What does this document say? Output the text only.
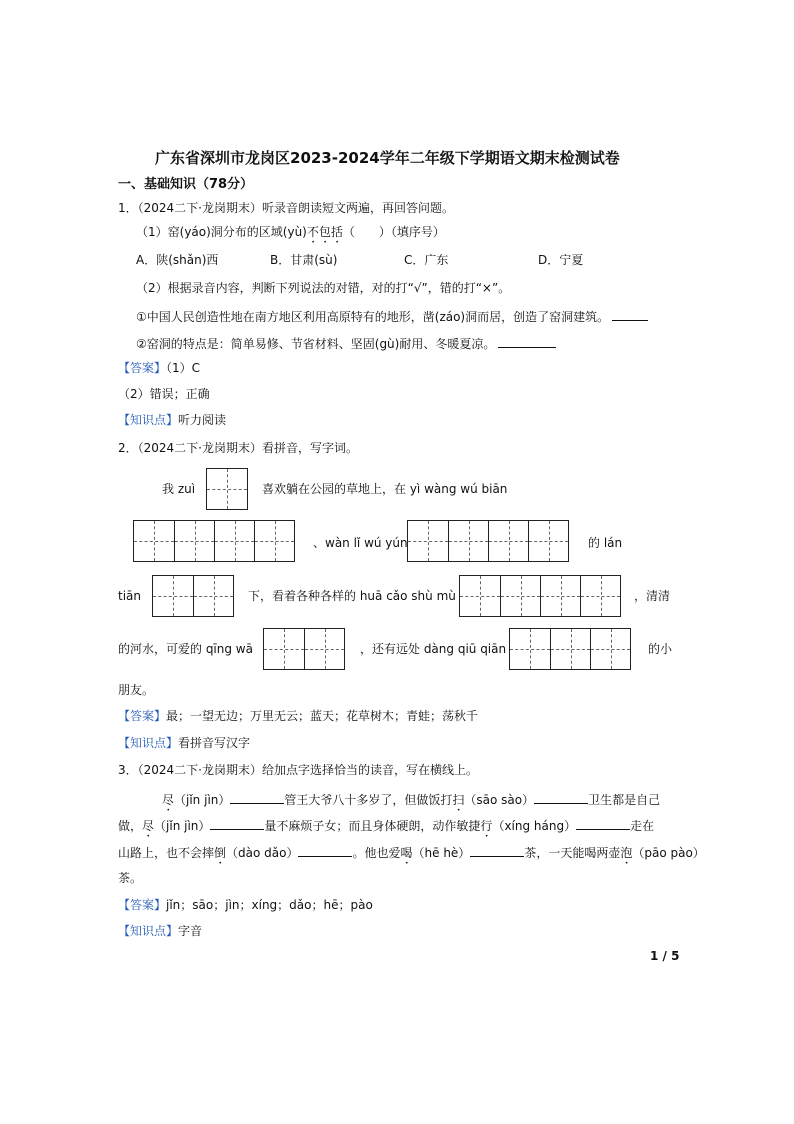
广东省深圳市龙岗区2023-2024学年二年级下学期语文期末检测试卷
一、基础知识（78分）
1．（2024二下·龙岗期末）听录音朗读短文两遍，再回答问题。
（1）窑(yáo)洞分布的区域(yù)不包括（　　）（填序号）
A．陕(shǎn)西	B．甘肃(sù)	C．广东	D．宁夏
（2）根据录音内容，判断下列说法的对错，对的打“√”，错的打“×”。
①中国人民创造性地在南方地区利用高原特有的地形，凿(záo)洞而居，创造了窑洞建筑。
②窑洞的特点是：简单易修、节省材料、坚固(gù)耐用、冬暖夏凉。
【答案】（1）C
（2）错误；正确
【知识点】听力阅读
2．（2024二下·龙岗期末）看拼音，写字词。
我 zuì	喜欢躺在公园的草地上，在 yì wàng wú biān
、wàn lǐ wú yún	的 lán
tiān	下，看着各种各样的 huā cǎo shù mù	，清清
的河水，可爱的 qīng wā	，还有远处 dàng qiū qiān	的小
朋友。
【答案】最；一望无边；万里无云；蓝天；花草树木；青蛙；荡秋千
【知识点】看拼音写汉字
3．（2024二下·龙岗期末）给加点字选择恰当的读音，写在横线上。
尽（jǐn jìn）	管王大爷八十多岁了，但做饭打扫（sāo sào）	卫生都是自己
做，尽（jǐn jìn）	量不麻烦子女；而且身体硬朗，动作敏捷行（xíng háng）	走在
山路上，也不会摔倒（dào dǎo）	。他也爱喝（hē hè）	茶，一天能喝两壶泡（pāo pào）
茶。
【答案】jǐn；sāo；jìn；xíng；dǎo；hē；pào
【知识点】字音
1 / 5
